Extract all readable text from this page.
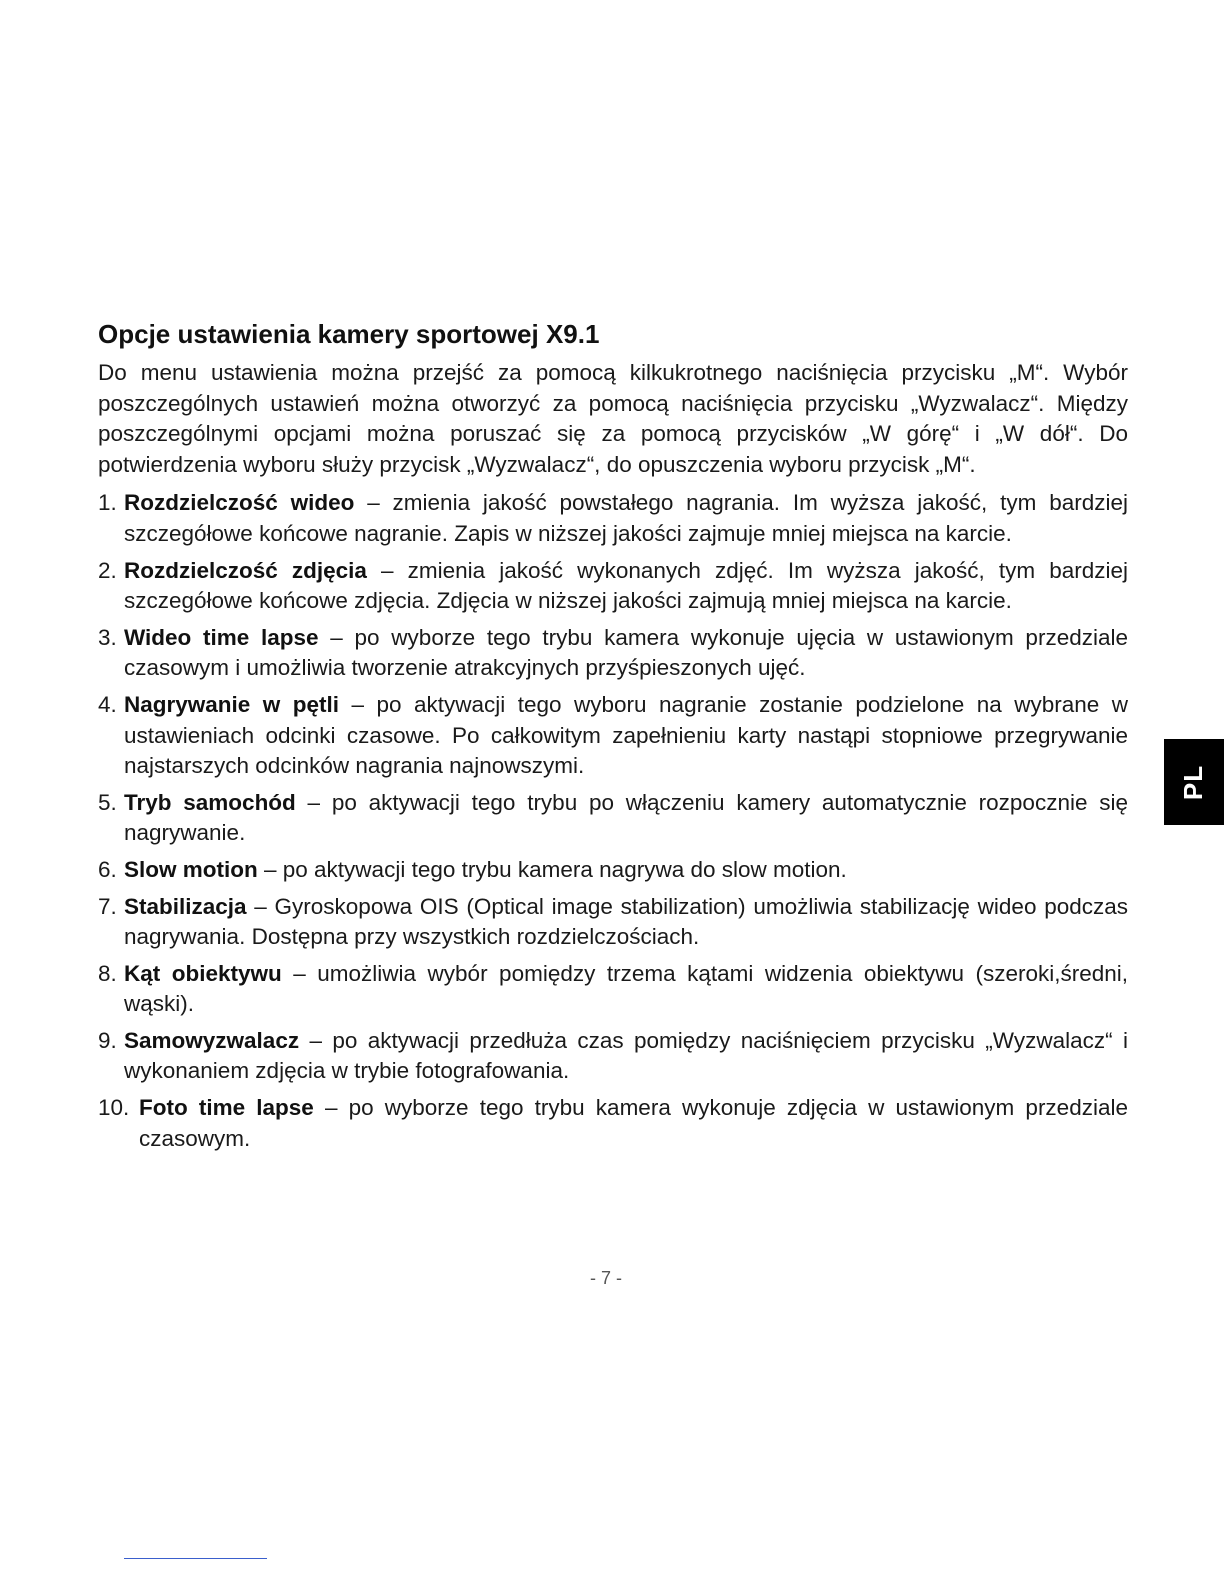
Opcje ustawienia kamery sportowej X9.1

Do menu ustawienia można przejść za pomocą kilkukrotnego naciśnięcia przycisku „M“. Wybór poszczególnych ustawień można otworzyć za pomocą naciśnięcia przycisku „Wyzwalacz“. Między poszczególnymi opcjami można poruszać się za pomocą przycisków „W górę“ i „W dół“. Do potwierdzenia wyboru służy przycisk „Wyzwalacz“, do opuszczenia wyboru przycisk „M“.

1. Rozdzielczość wideo – zmienia jakość powstałego nagrania. Im wyższa jakość, tym bardziej szczegółowe końcowe nagranie. Zapis w niższej jakości zajmuje mniej miejsca na karcie.
2. Rozdzielczość zdjęcia – zmienia jakość wykonanych zdjęć. Im wyższa jakość, tym bardziej szczegółowe końcowe zdjęcia. Zdjęcia w niższej jakości zajmują mniej miejsca na karcie.
3. Wideo time lapse – po wyborze tego trybu kamera wykonuje ujęcia w ustawionym przedziale czasowym i umożliwia tworzenie atrakcyjnych przyśpieszonych ujęć.
4. Nagrywanie w pętli – po aktywacji tego wyboru nagranie zostanie podzielone na wybrane w ustawieniach odcinki czasowe. Po całkowitym zapełnieniu karty nastąpi stopniowe przegrywanie najstarszych odcinków nagrania najnowszymi.
5. Tryb samochód – po aktywacji tego trybu po włączeniu kamery automatycznie rozpocznie się nagrywanie.
6. Slow motion – po aktywacji tego trybu kamera nagrywa do slow motion.
7. Stabilizacja – Gyroskopowa OIS (Optical image stabilization) umożliwia stabilizację wideo podczas nagrywania. Dostępna przy wszystkich rozdzielczościach.
8. Kąt obiektywu – umożliwia wybór pomiędzy trzema kątami widzenia obiektywu (szeroki,średni, wąski).
9. Samowyzwalacz – po aktywacji przedłuża czas pomiędzy naciśnięciem przycisku „Wyzwalacz“ i wykonaniem zdjęcia w trybie fotografowania.
10. Foto time lapse – po wyborze tego trybu kamera wykonuje zdjęcia w ustawionym przedziale czasowym.
PL
- 7 -
